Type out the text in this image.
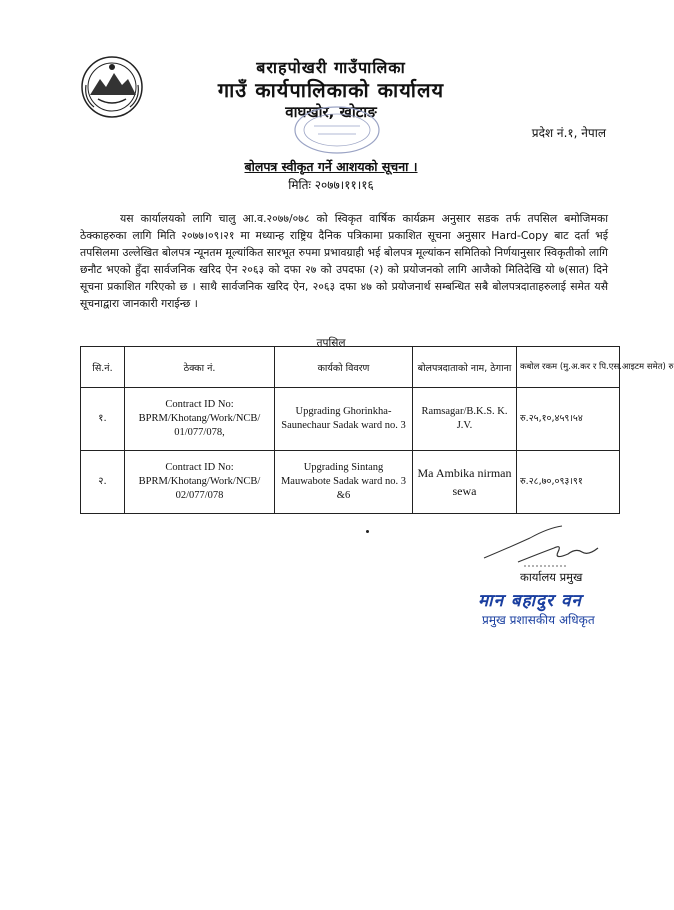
बराहपोखरी गाउँपालिका
गाउँ कार्यपालिकाको कार्यालय
वाघखोर, खोटाङ
प्रदेश नं.१, नेपाल
बोलपत्र स्वीकृत गर्ने आशयको सूचना ।
मितिः २०७७।११।१६
यस कार्यालयको लागि चालु आ.व.२०७७/०७८ को स्विकृत वार्षिक कार्यक्रम अनुसार सडक तर्फ तपसिल बमोजिमका ठेक्काहरुका लागि मिति २०७७।०९।२१ मा मध्यान्ह राष्ट्रिय दैनिक पत्रिकामा प्रकाशित सूचना अनुसार Hard-Copy बाट दर्ता भई तपसिलमा उल्लेखित बोलपत्र न्यूनतम मूल्यांकित सारभूत रुपमा प्रभावग्राही भई बोलपत्र मूल्यांकन समितिको निर्णयानुसार स्विकृतीको लागि छनौट भएको हुँदा सार्वजनिक खरिद ऐन २०६३ को दफा २७ को उपदफा (२) को प्रयोजनको लागि आजैको मितिदेखि यो ७(सात) दिने सूचना प्रकाशित गरिएको छ । साथै सार्वजनिक खरिद ऐन, २०६३ दफा ४७ को प्रयोजनार्थ सम्बन्धित सबै बोलपत्रदाताहरुलाई समेत यसै सूचनाद्वारा जानकारी गराईन्छ ।
तपसिल
सि.नं.	ठेक्का नं.	कार्यको विवरण	बोलपत्रदाताको नाम, ठेगाना	कबोल रकम (मु.अ.कर र पि.एस.आइटम समेत) रु
१.	Contract ID No: BPRM/Khotang/Work/NCB/ 01/077/078,	Upgrading Ghorinkha-Saunechaur Sadak ward no. 3	Ramsagar/B.K.S. K. J.V.	रु.२५,१०,४५९।५४
२.	Contract ID No: BPRM/Khotang/Work/NCB/ 02/077/078	Upgrading Sintang Mauwabote Sadak ward no. 3 &6	Ma Ambika nirman sewa	रु.२८,७०,०९३।९१
कार्यालय प्रमुख
मान बहादुर वन
प्रमुख प्रशासकीय अधिकृत
